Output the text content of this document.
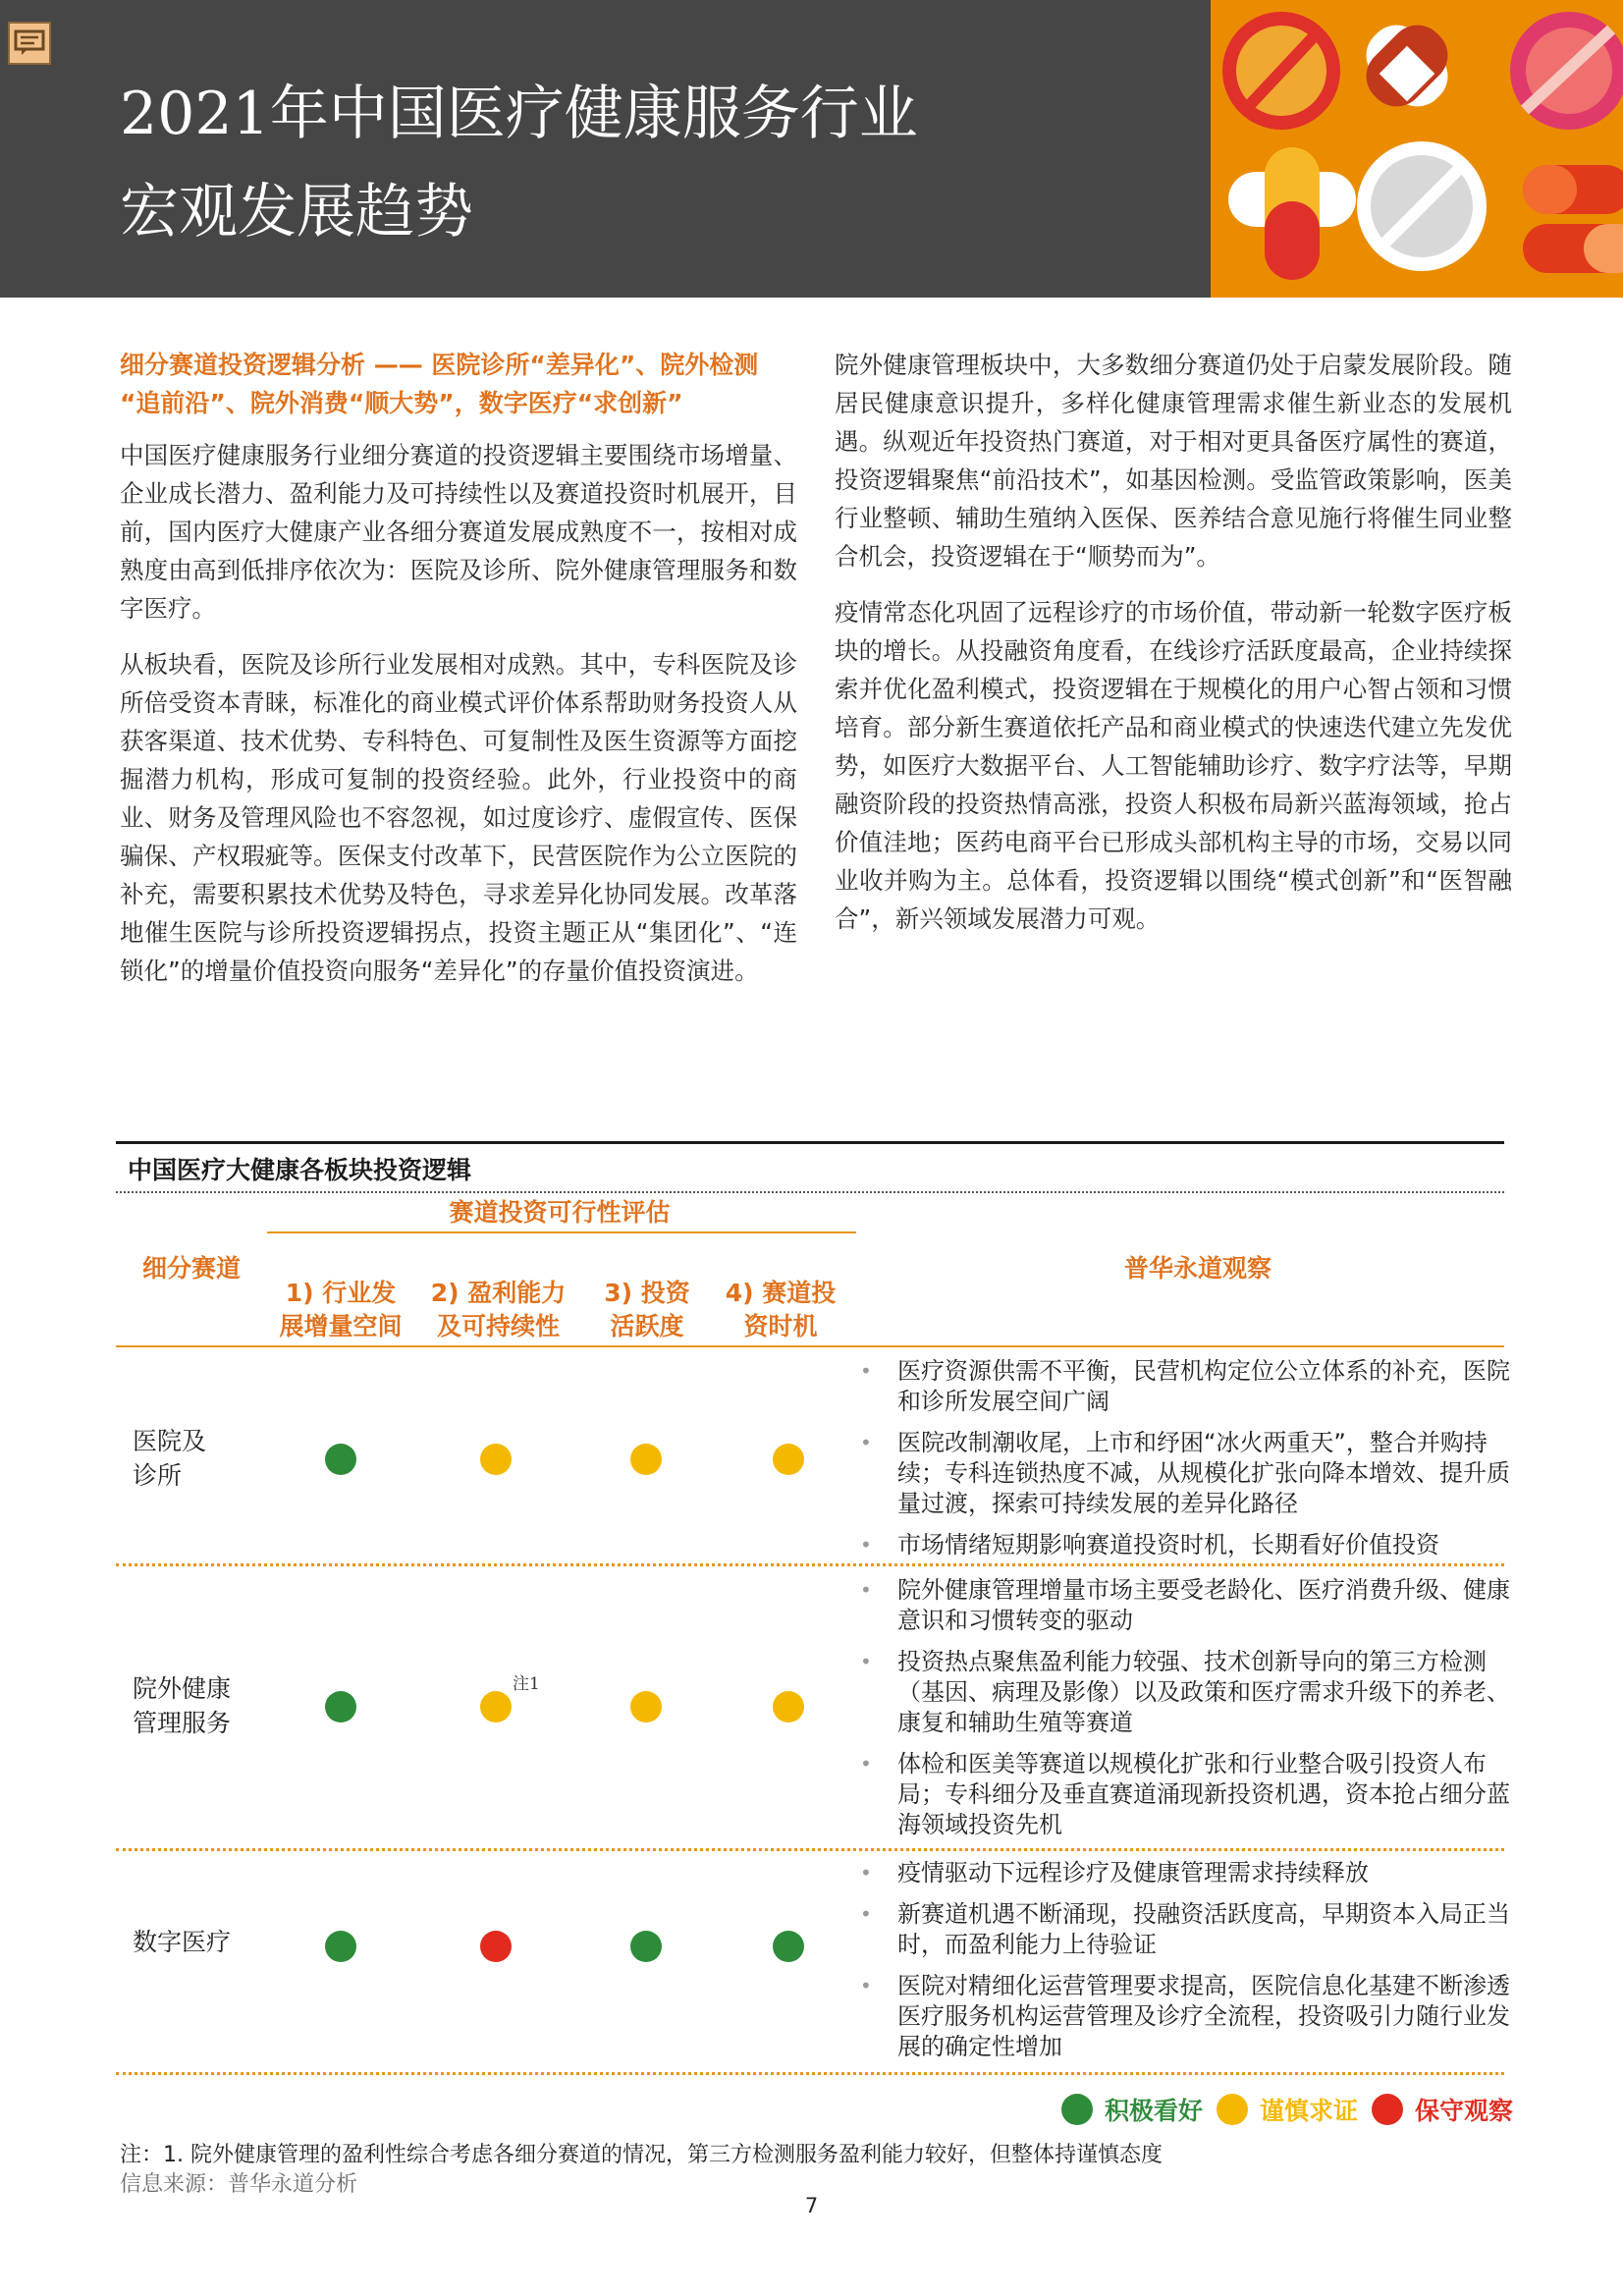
2021年中国医疗健康服务行业
宏观发展趋势

细分赛道投资逻辑分析 —— 医院诊所“差异化”、院外检测 “追前沿”、院外消费“顺大势”，数字医疗“求创新”

中国医疗健康服务行业细分赛道的投资逻辑主要围绕市场增量、企业成长潜力、盈利能力及可持续性以及赛道投资时机展开，目前，国内医疗大健康产业各细分赛道发展成熟度不一，按相对成熟度由高到低排序依次为：医院及诊所、院外健康管理服务和数字医疗。

从板块看，医院及诊所行业发展相对成熟。其中，专科医院及诊所倍受资本青睐，标准化的商业模式评价体系帮助财务投资人从获客渠道、技术优势、专科特色、可复制性及医生资源等方面挖掘潜力机构，形成可复制的投资经验。此外，行业投资中的商业、财务及管理风险也不容忽视，如过度诊疗、虚假宣传、医保骗保、产权瑕疵等。医保支付改革下，民营医院作为公立医院的补充，需要积累技术优势及特色，寻求差异化协同发展。改革落地催生医院与诊所投资逻辑拐点，投资主题正从“集团化”、“连锁化”的增量价值投资向服务“差异化”的存量价值投资演进。

院外健康管理板块中，大多数细分赛道仍处于启蒙发展阶段。随居民健康意识提升，多样化健康管理需求催生新业态的发展机遇。纵观近年投资热门赛道，对于相对更具备医疗属性的赛道，投资逻辑聚焦“前沿技术”，如基因检测。受监管政策影响，医美行业整顿、辅助生殖纳入医保、医养结合意见施行将催生同业整合机会，投资逻辑在于“顺势而为”。

疫情常态化巩固了远程诊疗的市场价值，带动新一轮数字医疗板块的增长。从投融资角度看，在线诊疗活跃度最高，企业持续探索并优化盈利模式，投资逻辑在于规模化的用户心智占领和习惯培育。部分新生赛道依托产品和商业模式的快速迭代建立先发优势，如医疗大数据平台、人工智能辅助诊疗、数字疗法等，早期融资阶段的投资热情高涨，投资人积极布局新兴蓝海领域，抢占价值洼地；医药电商平台已形成头部机构主导的市场，交易以同业收并购为主。总体看，投资逻辑以围绕“模式创新”和“医智融合”，新兴领域发展潜力可观。

中国医疗大健康各板块投资逻辑
赛道投资可行性评估
细分赛道	普华永道观察
1) 行业发
展增量空间
2) 盈利能力
及可持续性
3) 投资
活跃度
4) 赛道投
资时机
医院及
诊所
• 医疗资源供需不平衡，民营机构定位公立体系的补充，医院和诊所发展空间广阔
• 医院改制潮收尾，上市和纾困“冰火两重天”，整合并购持续；专科连锁热度不减，从规模化扩张向降本增效、提升质量过渡，探索可持续发展的差异化路径
• 市场情绪短期影响赛道投资时机，长期看好价值投资
院外健康
管理服务
注1
• 院外健康管理增量市场主要受老龄化、医疗消费升级、健康意识和习惯转变的驱动
• 投资热点聚焦盈利能力较强、技术创新导向的第三方检测（基因、病理及影像）以及政策和医疗需求升级下的养老、康复和辅助生殖等赛道
• 体检和医美等赛道以规模化扩张和行业整合吸引投资人布局；专科细分及垂直赛道涌现新投资机遇，资本抢占细分蓝海领域投资先机
数字医疗
• 疫情驱动下远程诊疗及健康管理需求持续释放
• 新赛道机遇不断涌现，投融资活跃度高，早期资本入局正当时，而盈利能力上待验证
• 医院对精细化运营管理要求提高，医院信息化基建不断渗透医疗服务机构运营管理及诊疗全流程，投资吸引力随行业发展的确定性增加
积极看好 谨慎求证 保守观察
注：1. 院外健康管理的盈利性综合考虑各细分赛道的情况，第三方检测服务盈利能力较好，但整体持谨慎态度
信息来源：普华永道分析
7
